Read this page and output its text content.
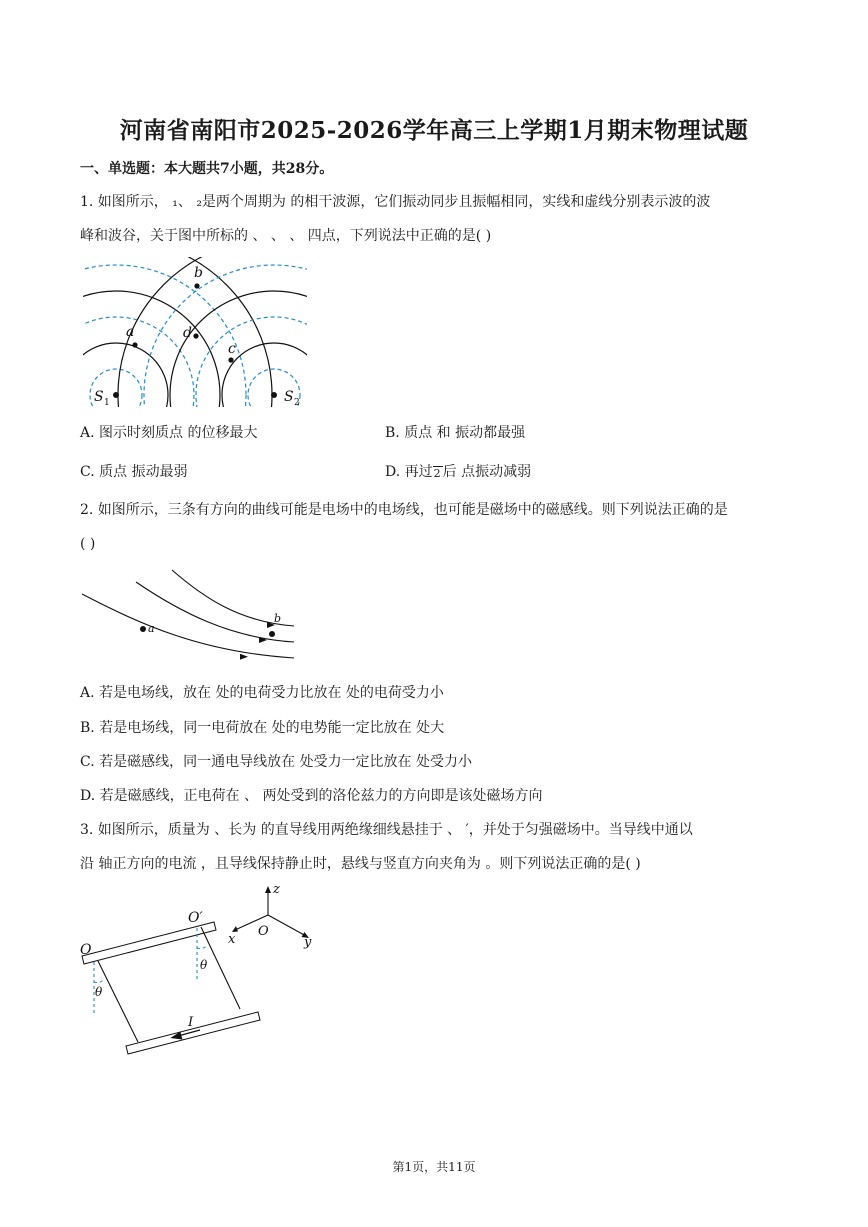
河南省南阳市2025-2026学年高三上学期1月期末物理试题
一、单选题：本大题共7小题，共28分。
1. 如图所示， ₁、 ₂是两个周期为 的相干波源，它们振动同步且振幅相同，实线和虚线分别表示波的波
峰和波谷，关于图中所标的 、 、 、 四点，下列说法中正确的是( )
b
a	d
c
S 1	S 2
A. 图示时刻质点 的位移最大	B. 质点 和 振动都最强
C. 质点 振动最弱	D. 再过 2 后 点振动减弱
2. 如图所示，三条有方向的曲线可能是电场中的电场线，也可能是磁场中的磁感线。则下列说法正确的是
( )
a
b
A. 若是电场线，放在 处的电荷受力比放在 处的电荷受力小
B. 若是电场线，同一电荷放在 处的电势能一定比放在 处大
C. 若是磁感线，同一通电导线放在 处受力一定比放在 处受力小
D. 若是磁感线，正电荷在 、 两处受到的洛伦兹力的方向即是该处磁场方向
3. 如图所示，质量为 、长为 的直导线用两绝缘细线悬挂于 、 ′，并处于匀强磁场中。当导线中通以
沿 轴正方向的电流 ，且导线保持静止时，悬线与竖直方向夹角为 。则下列说法正确的是( )
z
y
x
O
θ
θ
O
O′
I
第1页，共11页
